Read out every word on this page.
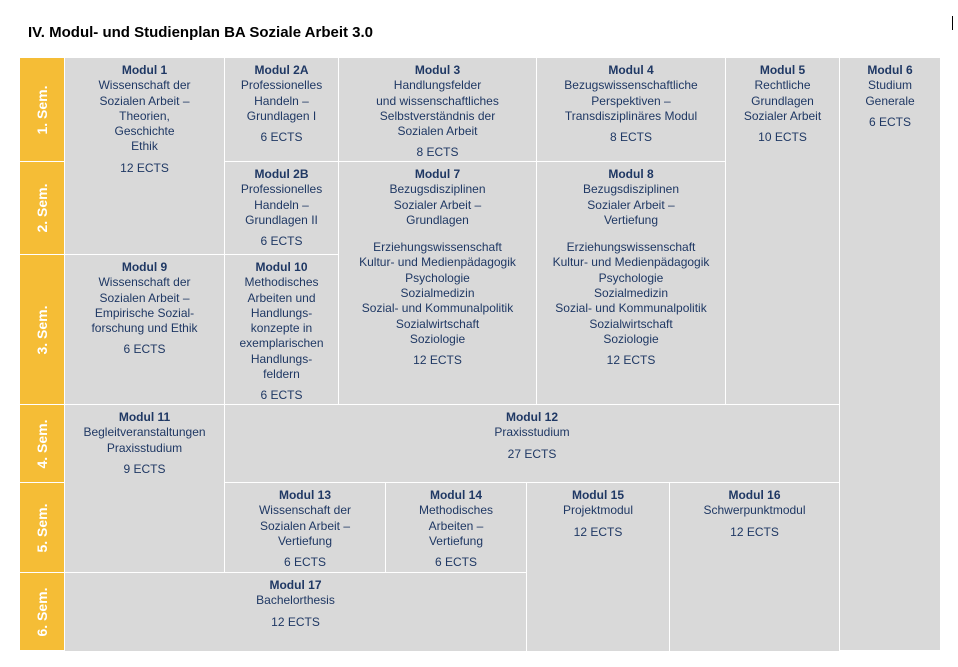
IV. Modul- und Studienplan BA Soziale Arbeit 3.0
1. Sem.
2. Sem.
3. Sem.
4. Sem.
5. Sem.
6. Sem.
Modul 1
Wissenschaft der
Sozialen Arbeit –
Theorien,
Geschichte
Ethik
12 ECTS
Modul 2A
Professionelles
Handeln –
Grundlagen I
6 ECTS
Modul 3
Handlungsfelder
und wissenschaftliches
Selbstverständnis der
Sozialen Arbeit
8 ECTS
Modul 4
Bezugswissenschaftliche
Perspektiven –
Transdisziplinäres Modul
8 ECTS
Modul 5
Rechtliche
Grundlagen
Sozialer Arbeit
10 ECTS
Modul 6
Studium
Generale
6 ECTS
Modul 2B
Professionelles
Handeln –
Grundlagen II
6 ECTS
Modul 7
Bezugsdisziplinen
Sozialer Arbeit –
Grundlagen
Erziehungswissenschaft
Kultur- und Medienpädagogik
Psychologie
Sozialmedizin
Sozial- und Kommunalpolitik
Sozialwirtschaft
Soziologie
12 ECTS
Modul 8
Bezugsdisziplinen
Sozialer Arbeit –
Vertiefung
Erziehungswissenschaft
Kultur- und Medienpädagogik
Psychologie
Sozialmedizin
Sozial- und Kommunalpolitik
Sozialwirtschaft
Soziologie
12 ECTS
Modul 9
Wissenschaft der
Sozialen Arbeit –
Empirische Sozial-
forschung und Ethik
6 ECTS
Modul 10
Methodisches
Arbeiten und
Handlungs-
konzepte in
exemplarischen
Handlungs-
feldern
6 ECTS
Modul 11
Begleitveranstaltungen
Praxisstudium
9 ECTS
Modul 12
Praxisstudium
27 ECTS
Modul 13
Wissenschaft der
Sozialen Arbeit –
Vertiefung
6 ECTS
Modul 14
Methodisches
Arbeiten –
Vertiefung
6 ECTS
Modul 15
Projektmodul
12 ECTS
Modul 16
Schwerpunktmodul
12 ECTS
Modul 17
Bachelorthesis
12 ECTS
